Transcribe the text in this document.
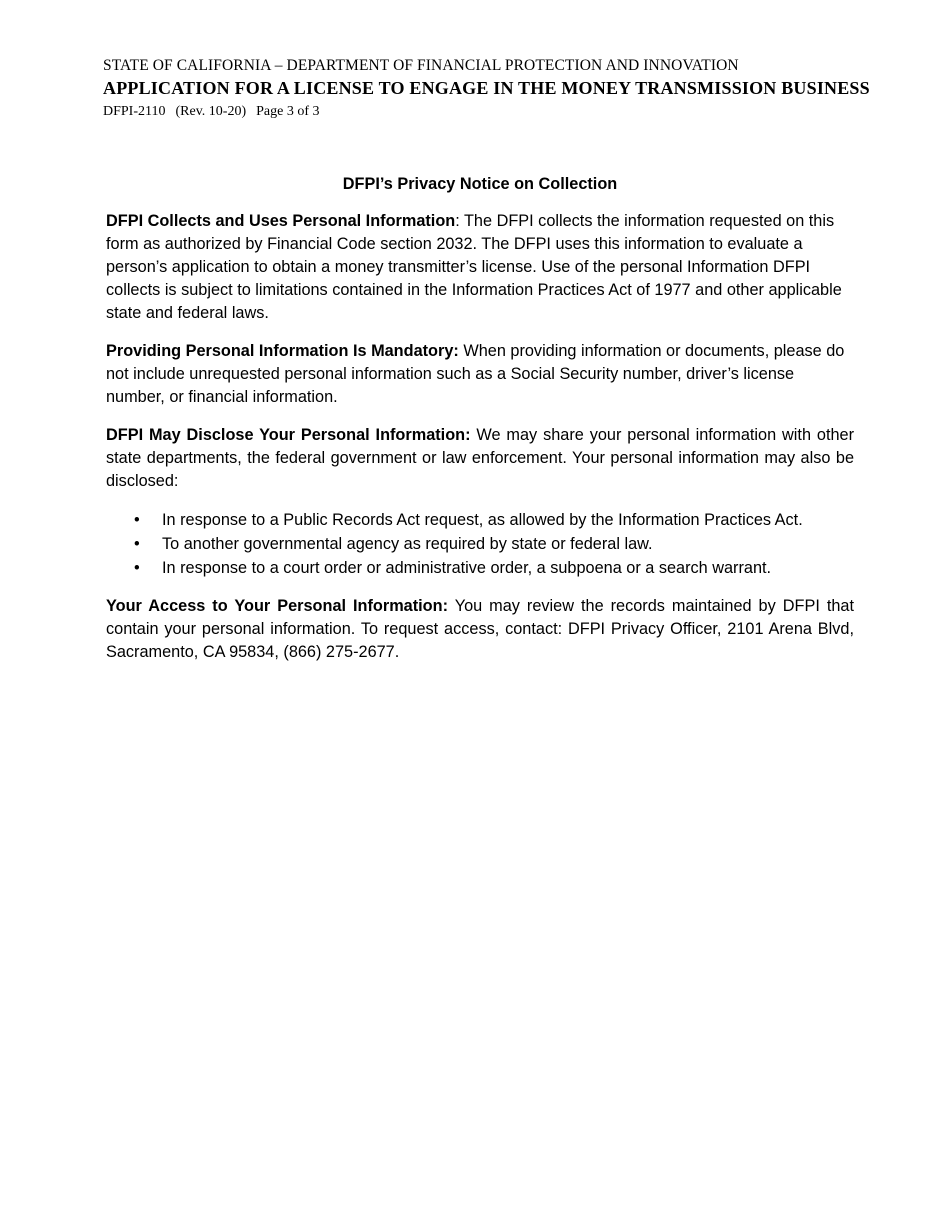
STATE OF CALIFORNIA – DEPARTMENT OF FINANCIAL PROTECTION AND INNOVATION
APPLICATION FOR A LICENSE TO ENGAGE IN THE MONEY TRANSMISSION BUSINESS
DFPI-2110 (Rev. 10-20) Page 3 of 3
DFPI’s Privacy Notice on Collection

DFPI Collects and Uses Personal Information: The DFPI collects the information requested on this form as authorized by Financial Code section 2032. The DFPI uses this information to evaluate a person’s application to obtain a money transmitter’s license. Use of the personal Information DFPI collects is subject to limitations contained in the Information Practices Act of 1977 and other applicable state and federal laws.

Providing Personal Information Is Mandatory: When providing information or documents, please do not include unrequested personal information such as a Social Security number, driver’s license number, or financial information.

DFPI May Disclose Your Personal Information: We may share your personal information with other state departments, the federal government or law enforcement. Your personal information may also be disclosed:

• In response to a Public Records Act request, as allowed by the Information Practices Act.
• To another governmental agency as required by state or federal law.
• In response to a court order or administrative order, a subpoena or a search warrant.

Your Access to Your Personal Information: You may review the records maintained by DFPI that contain your personal information. To request access, contact: DFPI Privacy Officer, 2101 Arena Blvd, Sacramento, CA 95834, (866) 275-2677.
